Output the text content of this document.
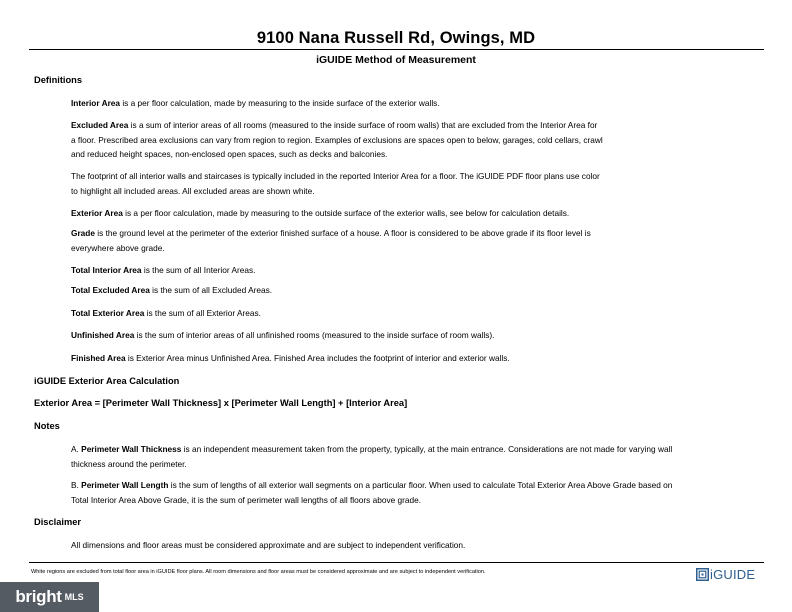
9100 Nana Russell Rd, Owings, MD
iGUIDE Method of Measurement
Definitions
Interior Area is a per floor calculation, made by measuring to the inside surface of the exterior walls.
Excluded Area is a sum of interior areas of all rooms (measured to the inside surface of room walls) that are excluded from the Interior Area for
a floor. Prescribed area exclusions can vary from region to region. Examples of exclusions are spaces open to below, garages, cold cellars, crawl
and reduced height spaces, non-enclosed open spaces, such as decks and balconies.
The footprint of all interior walls and staircases is typically included in the reported Interior Area for a floor. The iGUIDE PDF floor plans use color
to highlight all included areas. All excluded areas are shown white.
Exterior Area is a per floor calculation, made by measuring to the outside surface of the exterior walls, see below for calculation details.
Grade is the ground level at the perimeter of the exterior finished surface of a house. A floor is considered to be above grade if its floor level is
everywhere above grade.
Total Interior Area is the sum of all Interior Areas.
Total Excluded Area is the sum of all Excluded Areas.
Total Exterior Area is the sum of all Exterior Areas.
Unfinished Area is the sum of interior areas of all unfinished rooms (measured to the inside surface of room walls).
Finished Area is Exterior Area minus Unfinished Area. Finished Area includes the footprint of interior and exterior walls.
iGUIDE Exterior Area Calculation
Exterior Area = [Perimeter Wall Thickness] x [Perimeter Wall Length] + [Interior Area]
Notes
A. Perimeter Wall Thickness is an independent measurement taken from the property, typically, at the main entrance. Considerations are not made for varying wall
thickness around the perimeter.
B. Perimeter Wall Length is the sum of lengths of all exterior wall segments on a particular floor. When used to calculate Total Exterior Area Above Grade based on
Total Interior Area Above Grade, it is the sum of perimeter wall lengths of all floors above grade.
Disclaimer
All dimensions and floor areas must be considered approximate and are subject to independent verification.
White regions are excluded from total floor area in iGUIDE floor plans. All room dimensions and floor areas must be considered approximate and are subject to independent verification.	iGUIDE
bright MLS
